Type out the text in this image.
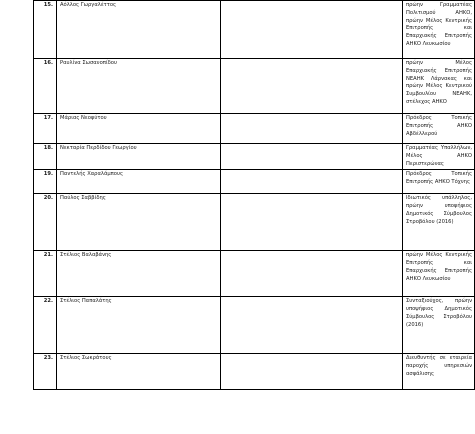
15.	Αόλλος Γωργαλέττος		πρώην Γραμματέας Πολιτισμού ΑΗΚΟ, πρώην Μέλος Κεντρικής Επιτροπής και Επαρχιακής Επιτροπής ΑΗΚΟ Λευκωσίου
16.	Ραυλίνα Σωσανοπίδου		πρώην Μέλος Επαρχιακής Επιτροπής ΝΕΑΗΚ Λάρνακας και πρώην Μέλος Κεντρικού Συμβουλίου ΝΕΑΗΚ, στέλεχος ΑΗΚΟ
17.	Μάριας Νεοφύτου		Πρόεδρος Τοπικής Επιτροπής ΑΗΚΟ Αβδέλλερού
18.	Νεκταρία Περδίδου Γεωργίου		Γραμματέας Υπαλλήλων, Μέλος ΑΗΚΟ Περιστερώνας
19.	Παντελής Χαραλάμπους		Πρόεδρος Τοπικής Επιτροπής ΑΗΚΟ Τόχνης
20.	Παύλος Σαββίδης		Ιδιωτικός υπάλληλος, πρώην υποψήφιος Δημοτικός Σύμβουλος Στροβόλου (2016)
21.	Στέλιος Βαλαβάνης		πρώην Μέλος Κεντρικής Επιτροπής και Επαρχιακής Επιτροπής ΑΗΚΟ Λευκωσίου
22.	Στέλιος Παπαλάτης		Συνταξιούχος, πρώην υποψήφιος Δημοτικός Σύμβουλος Στροβόλου (2016)
23.	Στέλιος Σωκράτους		Διευθυντής σε εταιρεία παροχής υπηρεσιών ασφάλισης
